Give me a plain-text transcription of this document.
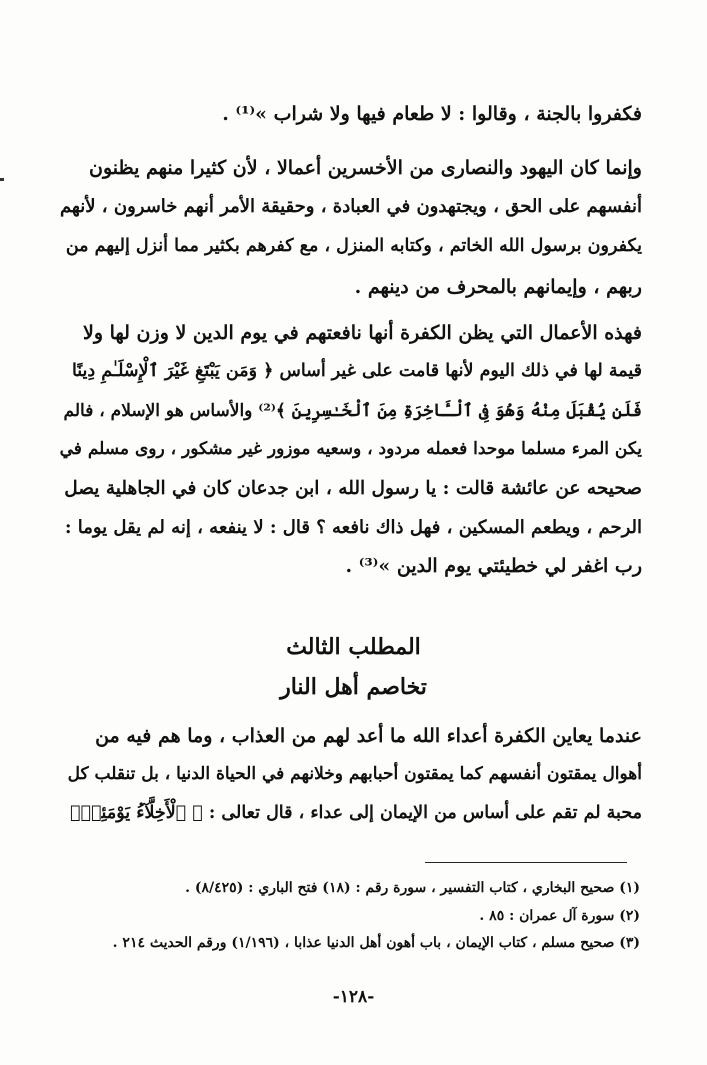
فكفروا بالجنة ، وقالوا : لا طعام فيها ولا شراب »⁽¹⁾ .
وإنما كان اليهود والنصارى من الأخسرين أعمالا ، لأن كثيرا منهم يظنون
أنفسهم على الحق ، ويجتهدون في العبادة ، وحقيقة الأمر أنهم خاسرون ، لأنهم
يكفرون برسول الله الخاتم ، وكتابه المنزل ، مع كفرهم بكثير مما أنزل إليهم من
ربهم ، وإيمانهم بالمحرف من دينهم .
فهذه الأعمال التي يظن الكفرة أنها نافعتهم في يوم الدين لا وزن لها ولا
قيمة لها في ذلك اليوم لأنها قامت على غير أساس ﴿ وَمَن يَبْتَغِ غَيْرَ ٱلْإِسْلَـٰمِ دِينًا
فَلَن يُقْبَلَ مِنْهُ وَهُوَ فِى ٱلْـَٔاخِرَةِ مِنَ ٱلْخَـٰسِرِينَ ﴾⁽²⁾ والأساس هو الإسلام ، فالم
يكن المرء مسلما موحدا فعمله مردود ، وسعيه موزور غير مشكور ، روى مسلم في
صحيحه عن عائشة قالت : يا رسول الله ، ابن جدعان كان في الجاهلية يصل
الرحم ، ويطعم المسكين ، فهل ذاك نافعه ؟ قال : لا ينفعه ، إنه لم يقل يوما :
رب اغفر لي خطيئتي يوم الدين »⁽³⁾ .
المطلب الثالث
تخاصم أهل النار
عندما يعاين الكفرة أعداء الله ما أعد لهم من العذاب ، وما هم فيه من
أهوال يمقتون أنفسهم كما يمقتون أحبابهم وخلانهم في الحياة الدنيا ، بل تنقلب كل
محبة لم تقم على أساس من الإيمان إلى عداء ، قال تعالى : ﴿ ٱلْأَخِلَّآءُ يَوْمَئِذٍۭ
(١) صحيح البخاري ، كتاب التفسير ، سورة رقم : (١٨) فتح الباري : (٨/٤٢٥) .
(٢) سورة آل عمران : ٨٥ .
(٣) صحيح مسلم ، كتاب الإيمان ، باب أهون أهل الدنيا عذابا ، (١/١٩٦) ورقم الحديث ٢١٤ .
-١٢٨-
